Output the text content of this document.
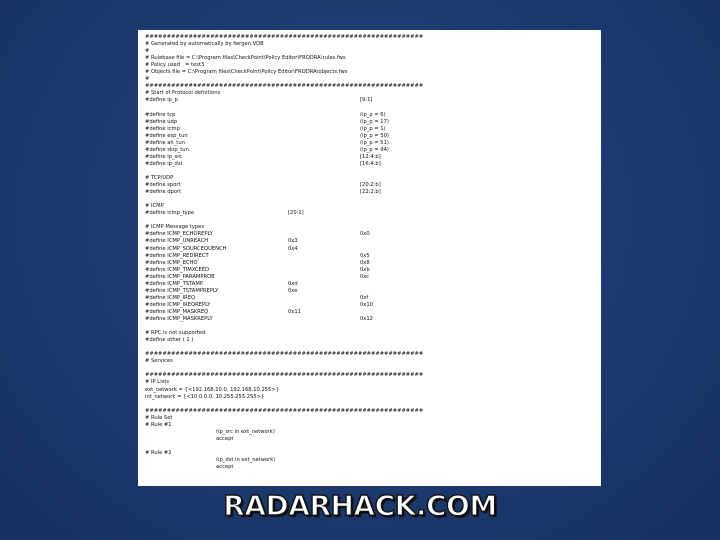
################################################################
# Generated by automatically by fwrgen.VOB
#
# Rulebase file = C:\Program files\CheckPoint\Policy Editor\FRODRA\rules.fws
# Policy used   = test3
# Objects file = C:\Program files\CheckPoint\Policy Editor\FRODRA\objects.fws
#
################################################################
# Start of Protocol defnitions
#define ip_p	[9:1]
#define tcp	(ip_p = 6)
#define udp	(ip_p = 17)
#define icmp	(ip_p = 1)
#define esp_tun	(ip_p = 50)
#define ah_tun	(ip_p = 51)
#define skip_tun	(ip_p = 94)
#define ip_src	[12:4:b]
#define ip_dst	[16:4:b]
# TCP/UDP
#define sport	[20:2:b]
#define dport	[22:2:b]
# ICMP
#define icmp_type	[20:1]
# ICMP Message types
#define ICMP_ECHOREPLY	0x0
#define ICMP_UNREACH	0x3
#define ICMP_SOURCEQUENCH	0x4
#define ICMP_REDIRECT	0x5
#define ICMP_ECHO	0x8
#define ICMP_TIMXCEED	0xb
#define ICMP_PARAMPROB	0xc
#define ICMP_TSTAMP	0xd
#define ICMP_TSTAMPREPLY	0xe
#define ICMP_IREQ	0xf
#define ICMP_IREQREPLY	0x10
#define ICMP_MASKREQ	0x11
#define ICMP_MASKREPLY	0x12
# RPC is not supported
#define other ( 1 )
################################################################
# Services
################################################################
# IP Lists
ext_network = {<192.168.10.0, 192.168.10.255>}
int_network = {<10.0.0.0, 10.255.255.255>}
################################################################
# Rule Set
# Rule #1
(ip_src in ext_network)
accept
# Rule #2
(ip_dst in ext_network)
accept
RADARHACK.COM
